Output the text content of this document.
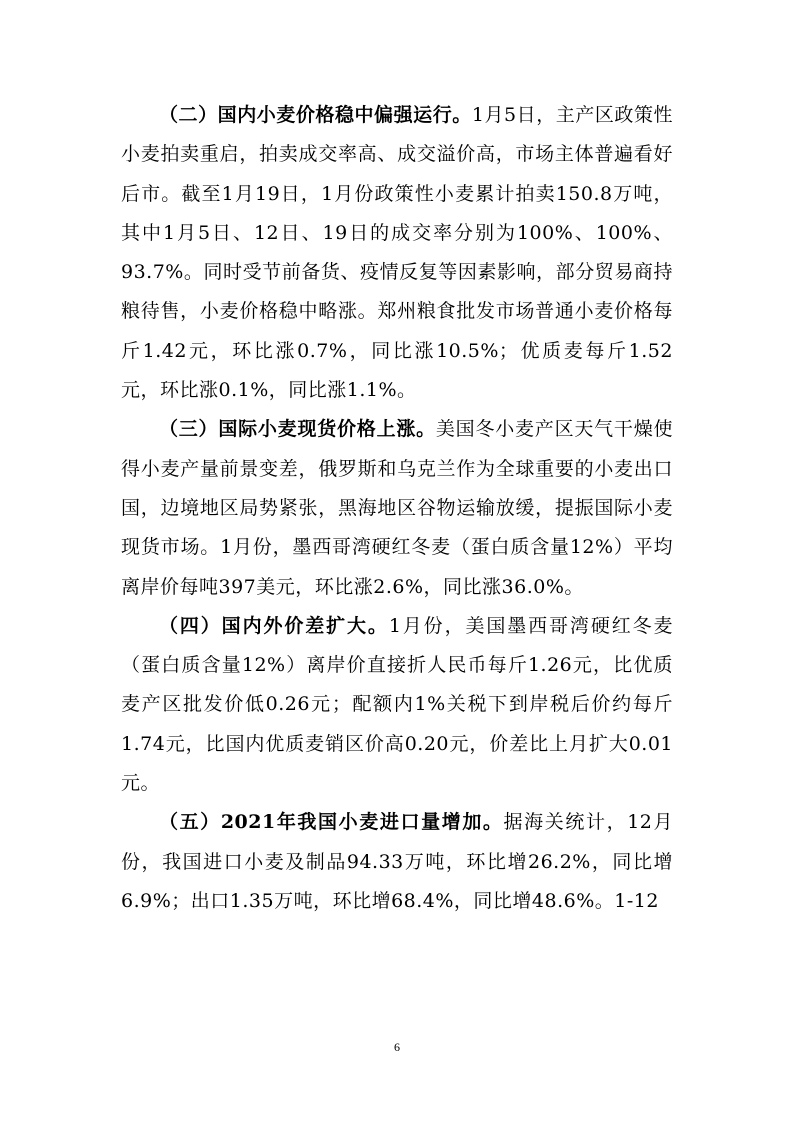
（二）国内小麦价格稳中偏强运行。1月5日，主产区政策性小麦拍卖重启，拍卖成交率高、成交溢价高，市场主体普遍看好后市。截至1月19日，1月份政策性小麦累计拍卖150.8万吨，其中1月5日、12日、19日的成交率分别为100%、100%、93.7%。同时受节前备货、疫情反复等因素影响，部分贸易商持粮待售，小麦价格稳中略涨。郑州粮食批发市场普通小麦价格每斤1.42元，环比涨0.7%，同比涨10.5%；优质麦每斤1.52元，环比涨0.1%，同比涨1.1%。

（三）国际小麦现货价格上涨。美国冬小麦产区天气干燥使得小麦产量前景变差，俄罗斯和乌克兰作为全球重要的小麦出口国，边境地区局势紧张，黑海地区谷物运输放缓，提振国际小麦现货市场。1月份，墨西哥湾硬红冬麦（蛋白质含量12%）平均离岸价每吨397美元，环比涨2.6%，同比涨36.0%。

（四）国内外价差扩大。1月份，美国墨西哥湾硬红冬麦（蛋白质含量12%）离岸价直接折人民币每斤1.26元，比优质麦产区批发价低0.26元；配额内1%关税下到岸税后价约每斤1.74元，比国内优质麦销区价高0.20元，价差比上月扩大0.01元。

（五）2021年我国小麦进口量增加。据海关统计，12月份，我国进口小麦及制品94.33万吨，环比增26.2%，同比增6.9%；出口1.35万吨，环比增68.4%，同比增48.6%。1-12

6
